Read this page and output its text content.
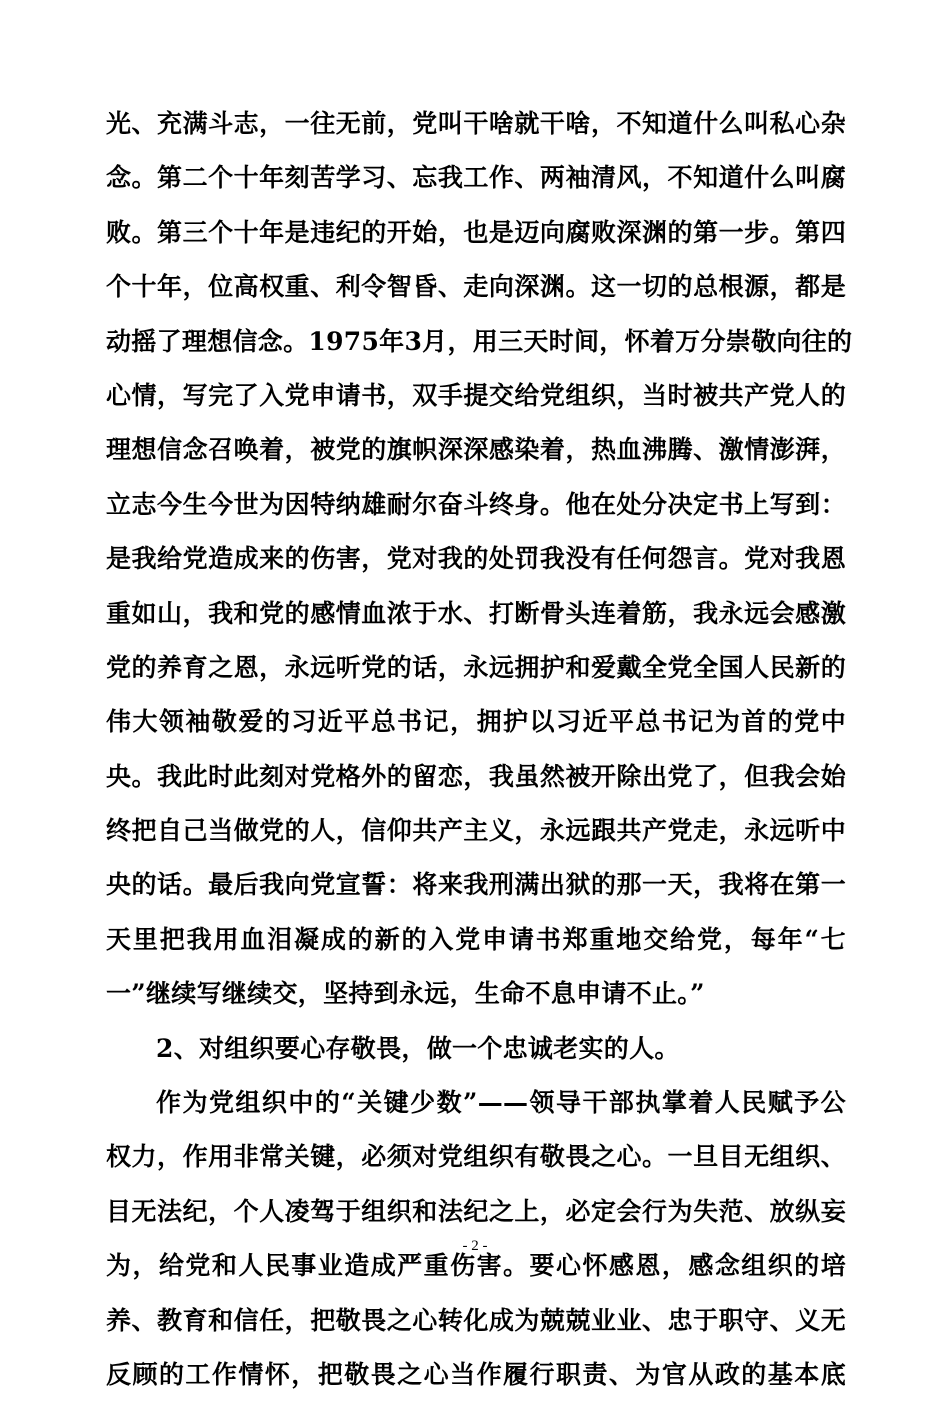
光、充满斗志，一往无前，党叫干啥就干啥，不知道什么叫私心杂
念。第二个十年刻苦学习、忘我工作、两袖清风，不知道什么叫腐
败。第三个十年是违纪的开始，也是迈向腐败深渊的第一步。第四
个十年，位高权重、利令智昏、走向深渊。这一切的总根源，都是
动摇了理想信念。1975年3月，用三天时间，怀着万分崇敬向往的
心情，写完了入党申请书，双手提交给党组织，当时被共产党人的
理想信念召唤着，被党的旗帜深深感染着，热血沸腾、激情澎湃，
立志今生今世为因特纳雄耐尔奋斗终身。他在处分决定书上写到：
是我给党造成来的伤害，党对我的处罚我没有任何怨言。党对我恩
重如山，我和党的感情血浓于水、打断骨头连着筋，我永远会感激
党的养育之恩，永远听党的话，永远拥护和爱戴全党全国人民新的
伟大领袖敬爱的习近平总书记，拥护以习近平总书记为首的党中
央。我此时此刻对党格外的留恋，我虽然被开除出党了，但我会始
终把自己当做党的人，信仰共产主义，永远跟共产党走，永远听中
央的话。最后我向党宣誓：将来我刑满出狱的那一天，我将在第一
天里把我用血泪凝成的新的入党申请书郑重地交给党，每年“七
一”继续写继续交，坚持到永远，生命不息申请不止。”
2、对组织要心存敬畏，做一个忠诚老实的人。
作为党组织中的“关键少数”——领导干部执掌着人民赋予公
权力，作用非常关键，必须对党组织有敬畏之心。一旦目无组织、
目无法纪，个人凌驾于组织和法纪之上，必定会行为失范、放纵妄
为，给党和人民事业造成严重伤害。要心怀感恩，感念组织的培
养、教育和信任，把敬畏之心转化成为兢兢业业、忠于职守、义无
反顾的工作情怀，把敬畏之心当作履行职责、为官从政的基本底
- 2 -
